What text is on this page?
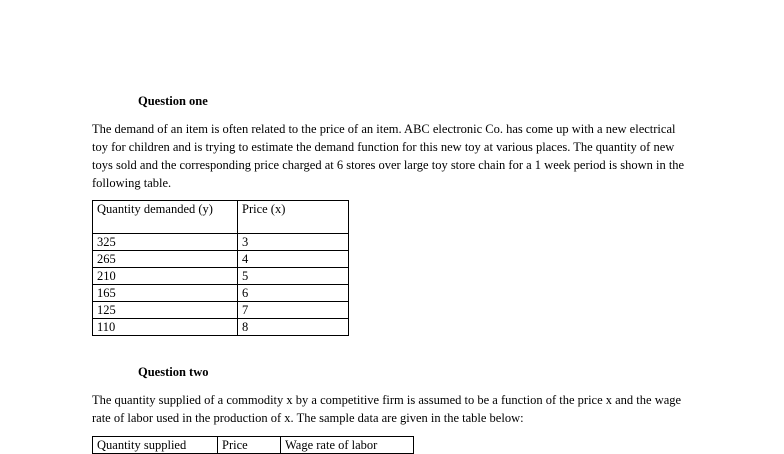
Question one
The demand of an item is often related to the price of an item. ABC electronic Co. has come up with a new electrical toy for children and is trying to estimate the demand function for this new toy at various places. The quantity of new toys sold and the corresponding price charged at 6 stores over large toy store chain for a 1 week period is shown in the following table.
Quantity demanded (y)	Price (x)
325	3
265	4
210	5
165	6
125	7
110	8
Question two
The quantity supplied of a commodity x by a competitive firm is assumed to be a function of the price x and the wage rate of labor used in the production of x. The sample data are given in the table below:
Quantity supplied	Price	Wage rate of labor
